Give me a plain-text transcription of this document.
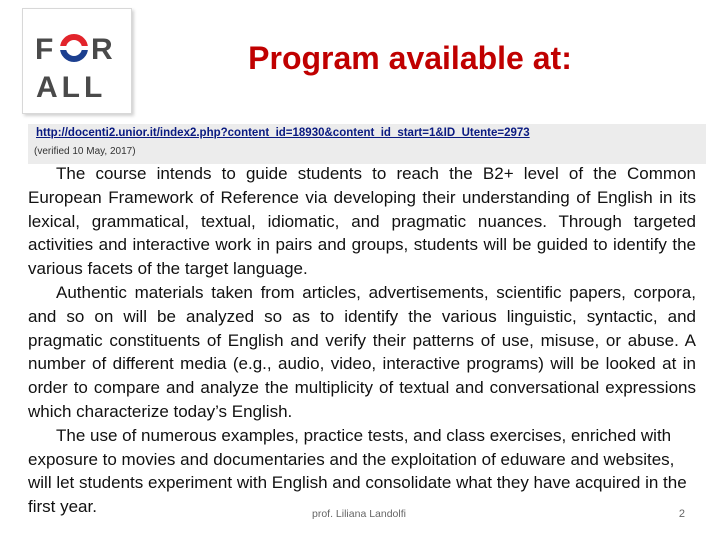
F R
ALL
Program available at:
http://docenti2.unior.it/index2.php?content_id=18930&content_id_start=1&ID_Utente=2973
(verified 10 May, 2017)

The course intends to guide students to reach the B2+ level of the Common European Framework of Reference via developing their understanding of English in its lexical, grammatical, textual, idiomatic, and pragmatic nuances. Through targeted activities and interactive work in pairs and groups, students will be guided to identify the various facets of the target language.

Authentic materials taken from articles, advertisements, scientific papers, corpora, and so on will be analyzed so as to identify the various linguistic, syntactic, and pragmatic constituents of English and verify their patterns of use, misuse, or abuse. A number of different media (e.g., audio, video, interactive programs) will be looked at in order to compare and analyze the multiplicity of textual and conversational expressions which characterize today’s English.

The use of numerous examples, practice tests, and class exercises, enriched with exposure to movies and documentaries and the exploitation of eduware and websites, will let students experiment with English and consolidate what they have acquired in the first year.	prof. Liliana Landolfi	2
